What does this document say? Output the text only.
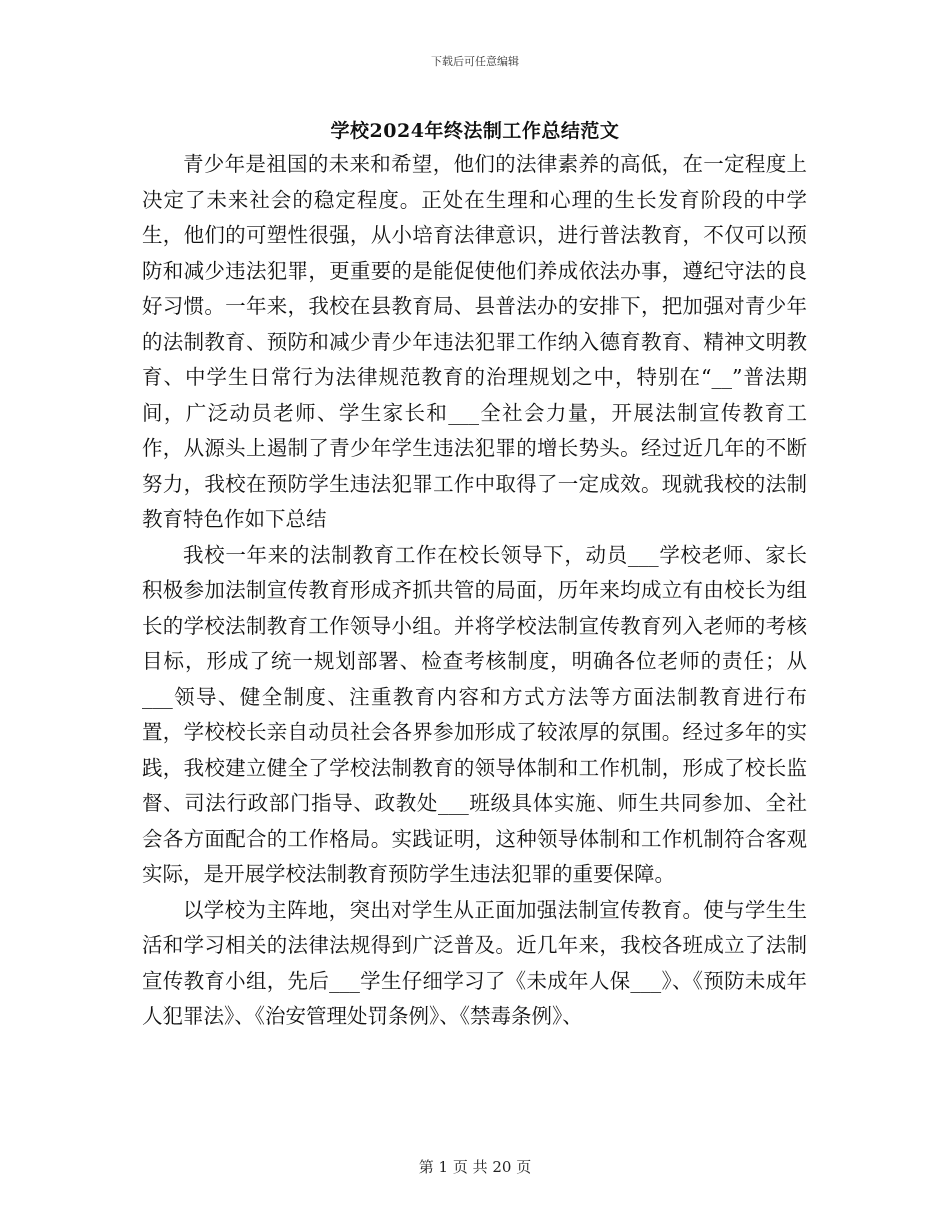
下载后可任意编辑
学校2024年终法制工作总结范文

青少年是祖国的未来和希望，他们的法律素养的高低，在一定程度上决定了未来社会的稳定程度。正处在生理和心理的生长发育阶段的中学生，他们的可塑性很强，从小培育法律意识，进行普法教育，不仅可以预防和减少违法犯罪，更重要的是能促使他们养成依法办事，遵纪守法的良好习惯。一年来，我校在县教育局、县普法办的安排下，把加强对青少年的法制教育、预防和减少青少年违法犯罪工作纳入德育教育、精神文明教育、中学生日常行为法律规范教育的治理规划之中，特别在“__”普法期间，广泛动员老师、学生家长和___全社会力量，开展法制宣传教育工作，从源头上遏制了青少年学生违法犯罪的增长势头。经过近几年的不断努力，我校在预防学生违法犯罪工作中取得了一定成效。现就我校的法制教育特色作如下总结

我校一年来的法制教育工作在校长领导下，动员___学校老师、家长积极参加法制宣传教育形成齐抓共管的局面，历年来均成立有由校长为组长的学校法制教育工作领导小组。并将学校法制宣传教育列入老师的考核目标，形成了统一规划部署、检查考核制度，明确各位老师的责任；从___领导、健全制度、注重教育内容和方式方法等方面法制教育进行布置，学校校长亲自动员社会各界参加形成了较浓厚的氛围。经过多年的实践，我校建立健全了学校法制教育的领导体制和工作机制，形成了校长监督、司法行政部门指导、政教处___班级具体实施、师生共同参加、全社会各方面配合的工作格局。实践证明，这种领导体制和工作机制符合客观实际，是开展学校法制教育预防学生违法犯罪的重要保障。

以学校为主阵地，突出对学生从正面加强法制宣传教育。使与学生生活和学习相关的法律法规得到广泛普及。近几年来，我校各班成立了法制宣传教育小组，先后___学生仔细学习了《未成年人保___》、《预防未成年人犯罪法》、《治安管理处罚条例》、《禁毒条例》、

第 1 页 共 20 页
